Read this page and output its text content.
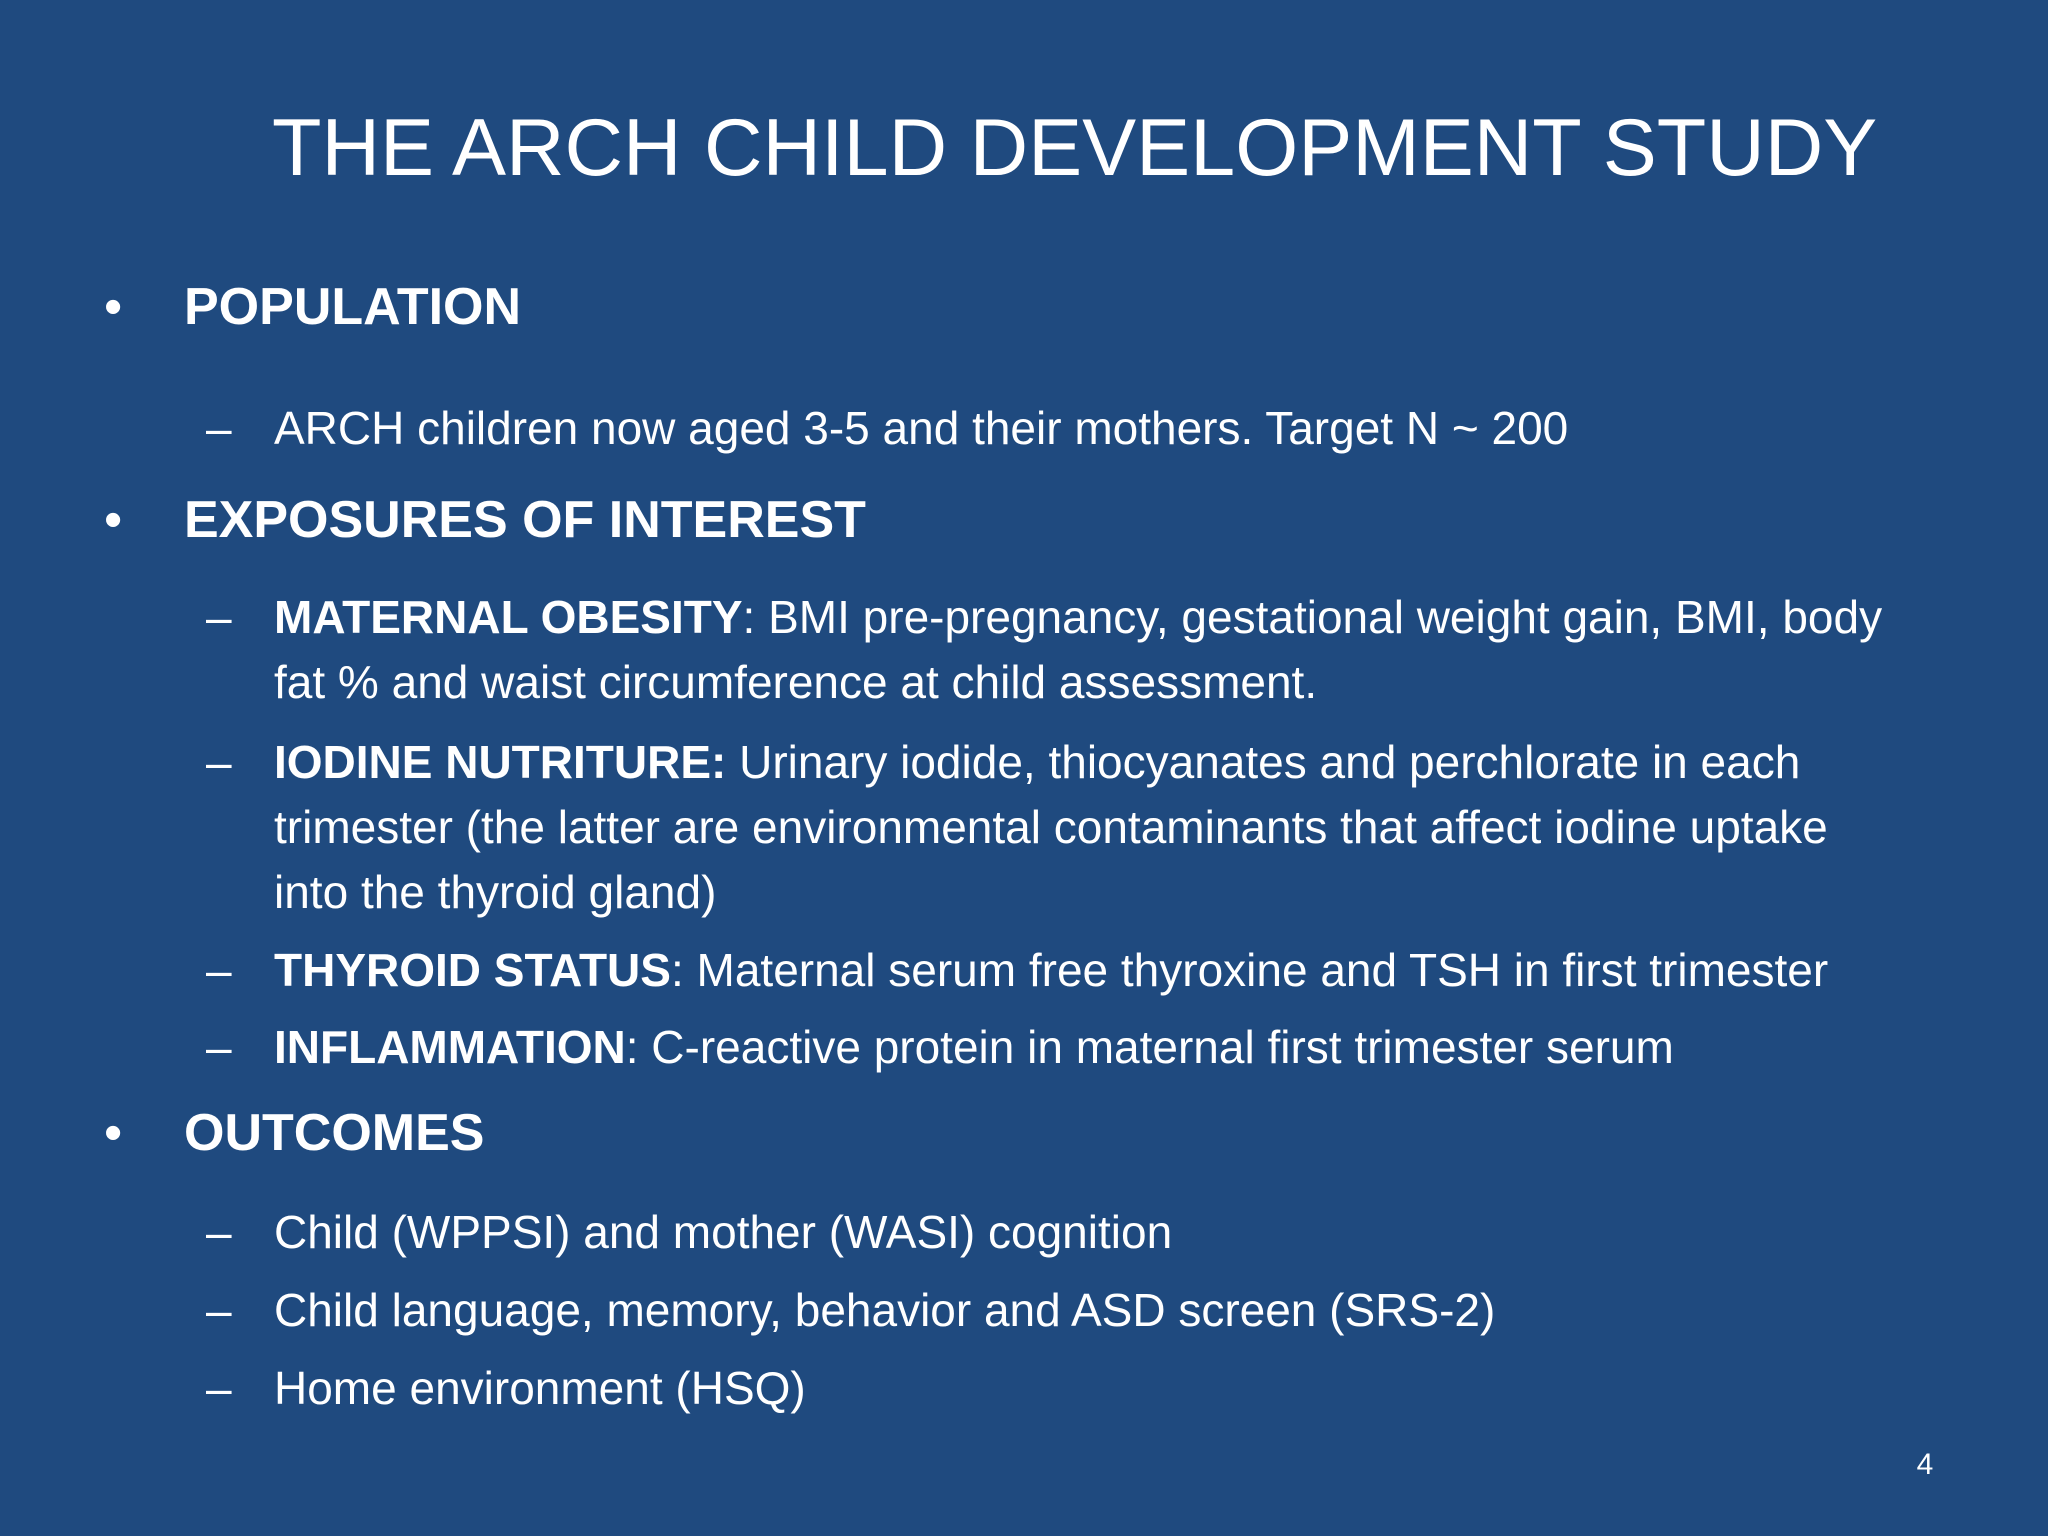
THE ARCH CHILD DEVELOPMENT STUDY
• POPULATION
– ARCH children now aged 3-5 and their mothers. Target N ~ 200
• EXPOSURES OF INTEREST
– MATERNAL OBESITY: BMI pre-pregnancy, gestational weight gain, BMI, body fat % and waist circumference at child assessment.
– IODINE NUTRITURE: Urinary iodide, thiocyanates and perchlorate in each trimester (the latter are environmental contaminants that affect iodine uptake into the thyroid gland)
– THYROID STATUS: Maternal serum free thyroxine and TSH in first trimester
– INFLAMMATION: C-reactive protein in maternal first trimester serum
• OUTCOMES
– Child (WPPSI) and mother (WASI) cognition
– Child language, memory, behavior and ASD screen (SRS-2)
– Home environment (HSQ)
4
